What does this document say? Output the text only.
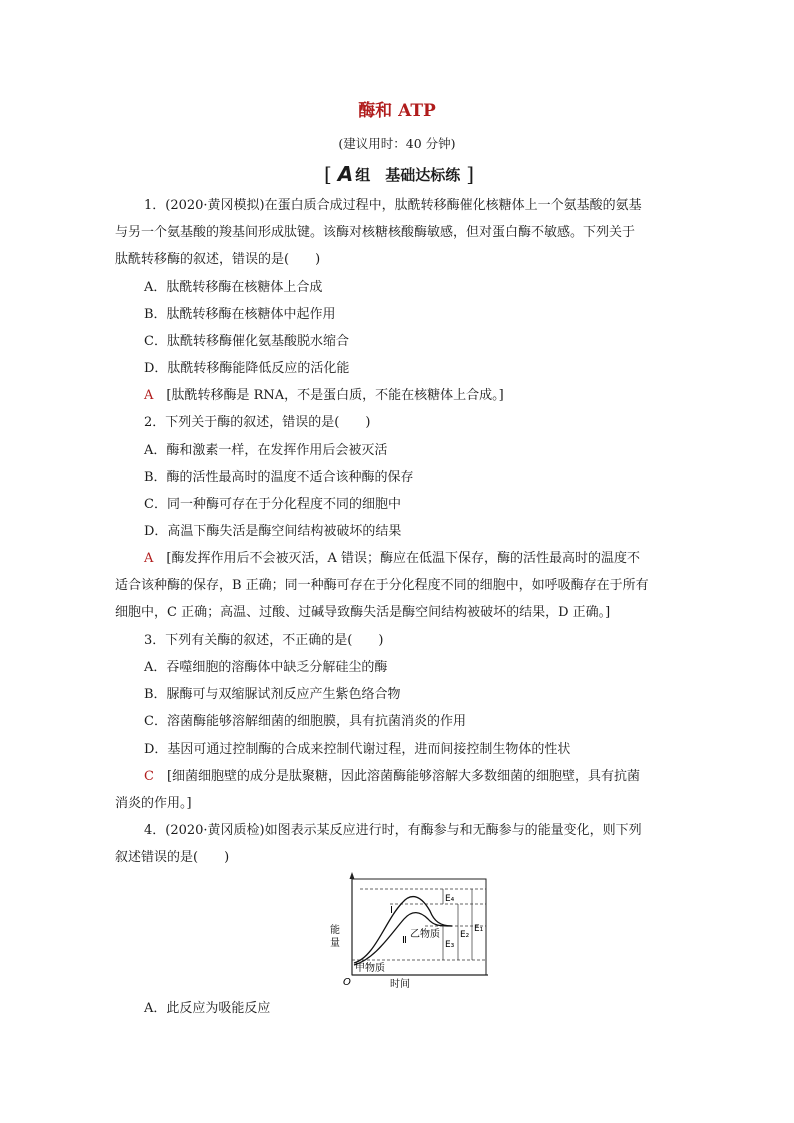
酶和 ATP
(建议用时：40 分钟)
[ A 组　基础达标练 ]
1．(2020·黄冈模拟)在蛋白质合成过程中，肽酰转移酶催化核糖体上一个氨基酸的氨基
与另一个氨基酸的羧基间形成肽键。该酶对核糖核酸酶敏感，但对蛋白酶不敏感。下列关于
肽酰转移酶的叙述，错误的是(　　)
A．肽酰转移酶在核糖体上合成
B．肽酰转移酶在核糖体中起作用
C．肽酰转移酶催化氨基酸脱水缩合
D．肽酰转移酶能降低反应的活化能
A　 [肽酰转移酶是 RNA，不是蛋白质，不能在核糖体上合成。]
2．下列关于酶的叙述，错误的是(　　)
A．酶和激素一样，在发挥作用后会被灭活
B．酶的活性最高时的温度不适合该种酶的保存
C．同一种酶可存在于分化程度不同的细胞中
D．高温下酶失活是酶空间结构被破坏的结果
A　 [酶发挥作用后不会被灭活，A 错误；酶应在低温下保存，酶的活性最高时的温度不
适合该种酶的保存，B 正确；同一种酶可存在于分化程度不同的细胞中，如呼吸酶存在于所有
细胞中，C 正确；高温、过酸、过碱导致酶失活是酶空间结构被破坏的结果，D 正确。]
3．下列有关酶的叙述，不正确的是(　　)
A．吞噬细胞的溶酶体中缺乏分解硅尘的酶
B．脲酶可与双缩脲试剂反应产生紫色络合物
C．溶菌酶能够溶解细菌的细胞膜，具有抗菌消炎的作用
D．基因可通过控制酶的合成来控制代谢过程，进而间接控制生物体的性状
C　 [细菌细胞壁的成分是肽聚糖，因此溶菌酶能够溶解大多数细菌的细胞壁，具有抗菌
消炎的作用。]
4．(2020·黄冈质检)如图表示某反应进行时，有酶参与和无酶参与的能量变化，则下列
叙述错误的是(　　)
能
量
O	时间
Ⅰ
Ⅱ
乙物质
甲物质
E₄
E₂
E₃
E₁
A．此反应为吸能反应
